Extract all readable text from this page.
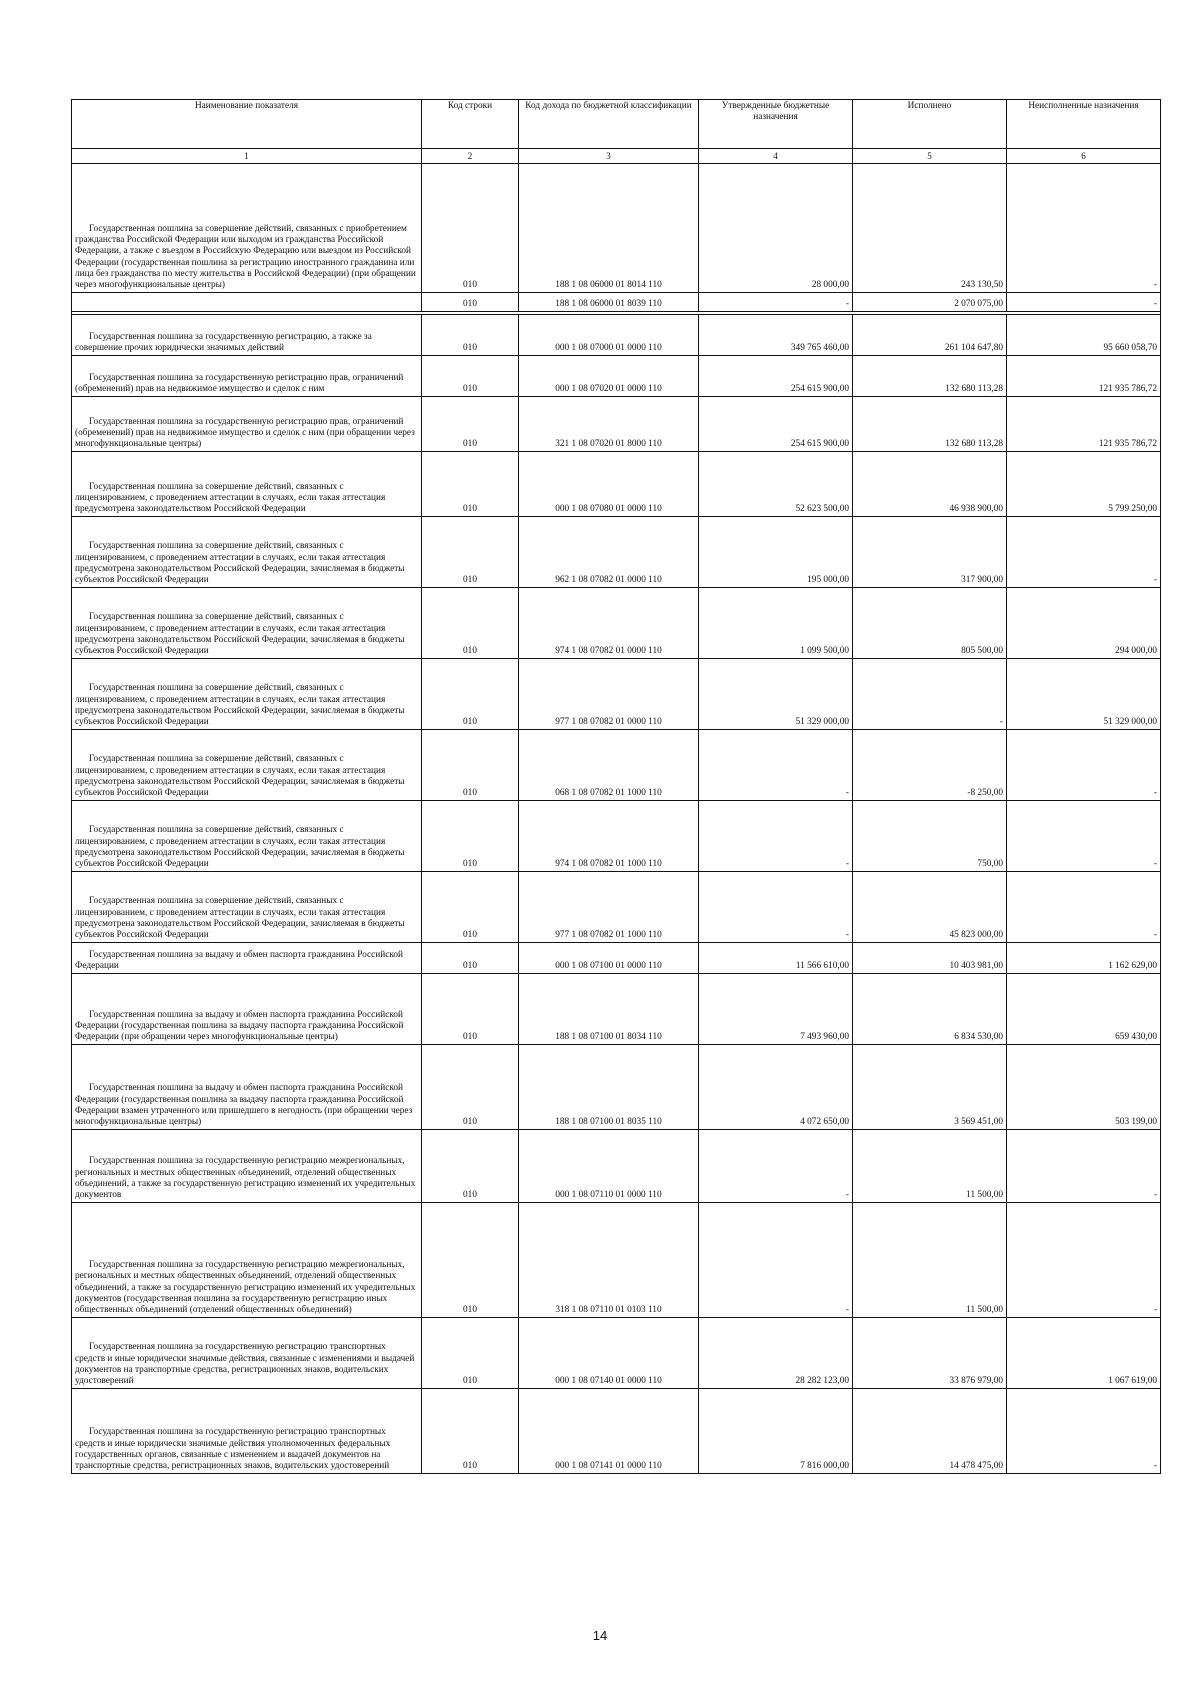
Наименование показателя	Код строки	Код дохода по бюджетной классификации	Утвержденные бюджетные назначения	Исполнено	Неисполненные назначения
1	2	3	4	5	6
Государственная пошлина за совершение действий, связанных с приобретением гражданства Российской Федерации или выходом из гражданства Российской Федерации, а также с въездом в Российскую Федерацию или выездом из Российской Федерации (государственная пошлина за регистрацию иностранного гражданина или лица без гражданства по месту жительства в Российской Федерации) (при обращении через многофункциональные центры)	010	188 1 08 06000 01 8014 110	28 000,00	243 130,50	-
	010	188 1 08 06000 01 8039 110	-	2 070 075,00	-

Государственная пошлина за государственную регистрацию, а также за совершение прочих юридически значимых действий	010	000 1 08 07000 01 0000 110	349 765 460,00	261 104 647,80	95 660 058,70
Государственная пошлина за государственную регистрацию прав, ограничений (обременений) прав на недвижимое имущество и сделок с ним	010	000 1 08 07020 01 0000 110	254 615 900,00	132 680 113,28	121 935 786,72
Государственная пошлина за государственную регистрацию прав, ограничений (обременений) прав на недвижимое имущество и сделок с ним (при обращении через многофункциональные центры)	010	321 1 08 07020 01 8000 110	254 615 900,00	132 680 113,28	121 935 786,72
Государственная пошлина за совершение действий, связанных с лицензированием, с проведением аттестации в случаях, если такая аттестация предусмотрена законодательством Российской Федерации	010	000 1 08 07080 01 0000 110	52 623 500,00	46 938 900,00	5 799 250,00
Государственная пошлина за совершение действий, связанных с лицензированием, с проведением аттестации в случаях, если такая аттестация предусмотрена законодательством Российской Федерации, зачисляемая в бюджеты субъектов Российской Федерации	010	962 1 08 07082 01 0000 110	195 000,00	317 900,00	-
Государственная пошлина за совершение действий, связанных с лицензированием, с проведением аттестации в случаях, если такая аттестация предусмотрена законодательством Российской Федерации, зачисляемая в бюджеты субъектов Российской Федерации	010	974 1 08 07082 01 0000 110	1 099 500,00	805 500,00	294 000,00
Государственная пошлина за совершение действий, связанных с лицензированием, с проведением аттестации в случаях, если такая аттестация предусмотрена законодательством Российской Федерации, зачисляемая в бюджеты субъектов Российской Федерации	010	977 1 08 07082 01 0000 110	51 329 000,00	-	51 329 000,00
Государственная пошлина за совершение действий, связанных с лицензированием, с проведением аттестации в случаях, если такая аттестация предусмотрена законодательством Российской Федерации, зачисляемая в бюджеты субъектов Российской Федерации	010	068 1 08 07082 01 1000 110	-	-8 250,00	-
Государственная пошлина за совершение действий, связанных с лицензированием, с проведением аттестации в случаях, если такая аттестация предусмотрена законодательством Российской Федерации, зачисляемая в бюджеты субъектов Российской Федерации	010	974 1 08 07082 01 1000 110	-	750,00	-
Государственная пошлина за совершение действий, связанных с лицензированием, с проведением аттестации в случаях, если такая аттестация предусмотрена законодательством Российской Федерации, зачисляемая в бюджеты субъектов Российской Федерации	010	977 1 08 07082 01 1000 110	-	45 823 000,00	-
Государственная пошлина за выдачу и обмен паспорта гражданина Российской Федерации	010	000 1 08 07100 01 0000 110	11 566 610,00	10 403 981,00	1 162 629,00
Государственная пошлина за выдачу и обмен паспорта гражданина Российской Федерации (государственная пошлина за выдачу паспорта гражданина Российской Федерации (при обращении через многофункциональные центры)	010	188 1 08 07100 01 8034 110	7 493 960,00	6 834 530,00	659 430,00
Государственная пошлина за выдачу и обмен паспорта гражданина Российской Федерации (государственная пошлина за выдачу паспорта гражданина Российской Федерации взамен утраченного или пришедшего в негодность (при обращении через многофункциональные центры)	010	188 1 08 07100 01 8035 110	4 072 650,00	3 569 451,00	503 199,00
Государственная пошлина за государственную регистрацию межрегиональных, региональных и местных общественных объединений, отделений общественных объединений, а также за государственную регистрацию изменений их учредительных документов	010	000 1 08 07110 01 0000 110	-	11 500,00	-
Государственная пошлина за государственную регистрацию межрегиональных, региональных и местных общественных объединений, отделений общественных объединений, а также за государственную регистрацию изменений их учредительных документов (государственная пошлина за государственную регистрацию иных общественных объединений (отделений общественных объединений)	010	318 1 08 07110 01 0103 110	-	11 500,00	-
Государственная пошлина за государственную регистрацию транспортных средств и иные юридически значимые действия, связанные с изменениями и выдачей документов на транспортные средства, регистрационных знаков, водительских удостоверений	010	000 1 08 07140 01 0000 110	28 282 123,00	33 876 979,00	1 067 619,00
Государственная пошлина за государственную регистрацию транспортных средств и иные юридически значимые действия уполномоченных федеральных государственных органов, связанные с изменением и выдачей документов на транспортные средства, регистрационных знаков, водительских удостоверений	010	000 1 08 07141 01 0000 110	7 816 000,00	14 478 475,00	-
14
